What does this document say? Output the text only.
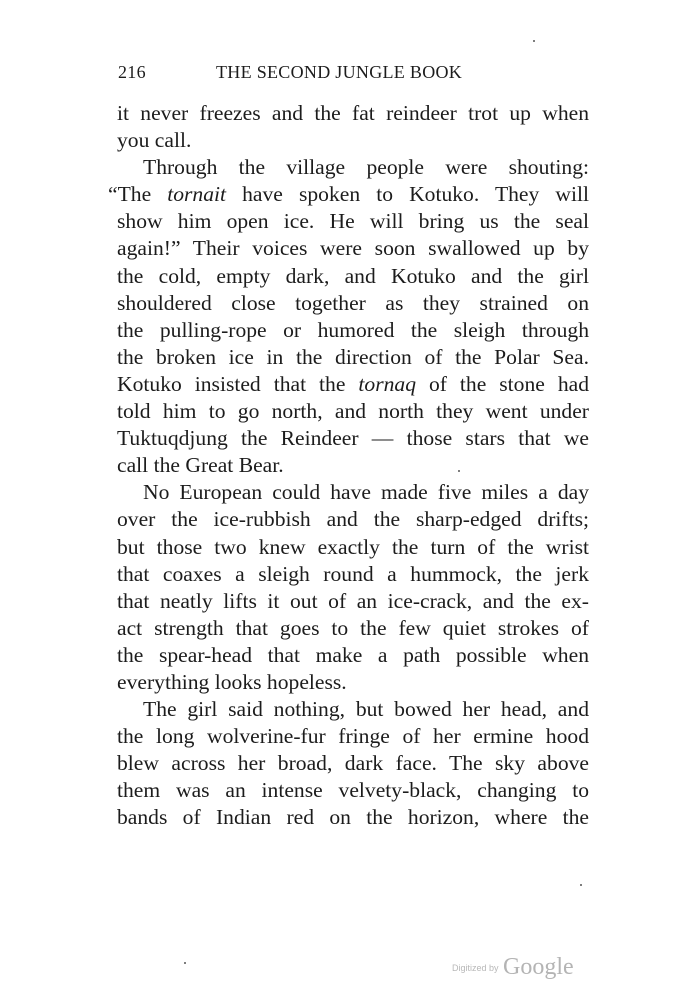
216	THE SECOND JUNGLE BOOK

it never freezes and the fat reindeer trot up when
you call.

Through the village people were shouting:
“The tornait have spoken to Kotuko. They will
show him open ice. He will bring us the seal
again!” Their voices were soon swallowed up by
the cold, empty dark, and Kotuko and the girl
shouldered close together as they strained on
the pulling-rope or humored the sleigh through
the broken ice in the direction of the Polar Sea.
Kotuko insisted that the tornaq of the stone had
told him to go north, and north they went under
Tuktuqdjung the Reindeer — those stars that we
call the Great Bear.

No European could have made five miles a day
over the ice-rubbish and the sharp-edged drifts;
but those two knew exactly the turn of the wrist
that coaxes a sleigh round a hummock, the jerk
that neatly lifts it out of an ice-crack, and the ex-
act strength that goes to the few quiet strokes of
the spear-head that make a path possible when
everything looks hopeless.

The girl said nothing, but bowed her head, and
the long wolverine-fur fringe of her ermine hood
blew across her broad, dark face. The sky above
them was an intense velvety-black, changing to
bands of Indian red on the horizon, where the

Digitized by Google
